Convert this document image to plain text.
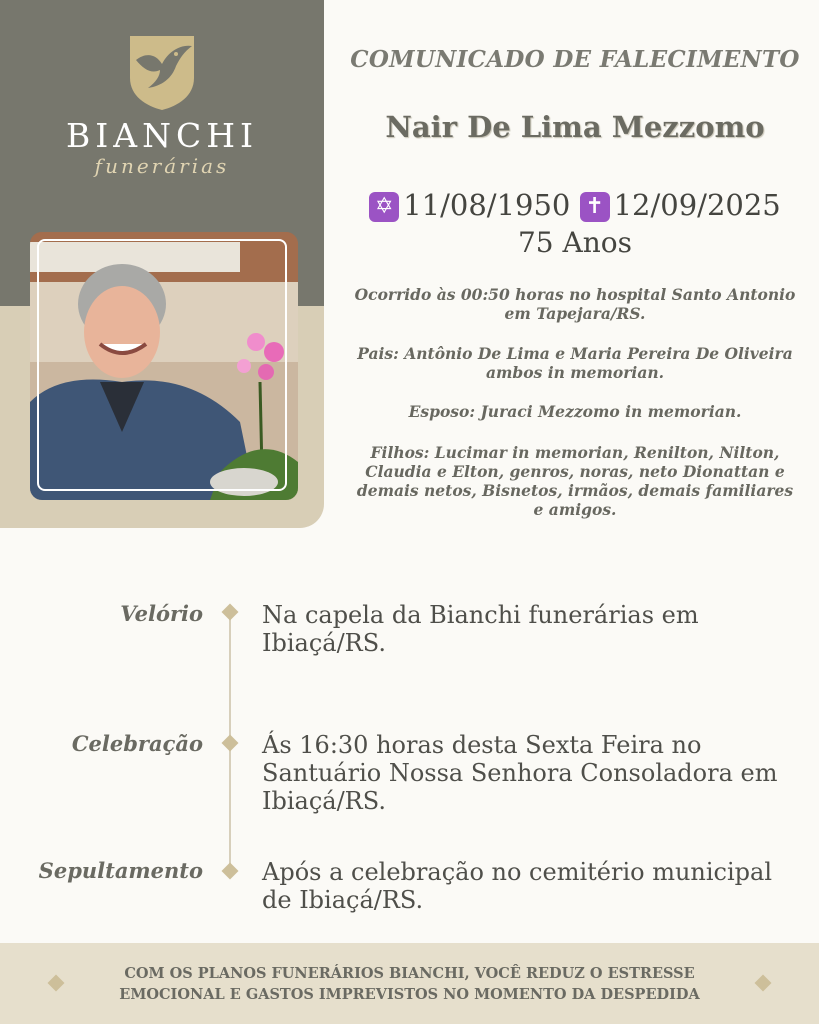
BIANCHI
funerárias
COMUNICADO DE FALECIMENTO
Nair De Lima Mezzomo
✡ 11/08/1950 ✝ 12/09/2025
75 Anos
Ocorrido às 00:50 horas no hospital Santo Antonio em Tapejara/RS.
Pais: Antônio De Lima e Maria Pereira De Oliveira ambos in memorian.
Esposo: Juraci Mezzomo in memorian.
Filhos: Lucimar in memorian, Renilton, Nilton, Claudia e Elton, genros, noras, neto Dionattan e demais netos, Bisnetos, irmãos, demais familiares e amigos.
Velório Na capela da Bianchi funerárias em Ibiaçá/RS.
Celebração Ás 16:30 horas desta Sexta Feira no Santuário Nossa Senhora Consoladora em Ibiaçá/RS.
Sepultamento Após a celebração no cemitério municipal de Ibiaçá/RS.
COM OS PLANOS FUNERÁRIOS BIANCHI, VOCÊ REDUZ O ESTRESSE
EMOCIONAL E GASTOS IMPREVISTOS NO MOMENTO DA DESPEDIDA
